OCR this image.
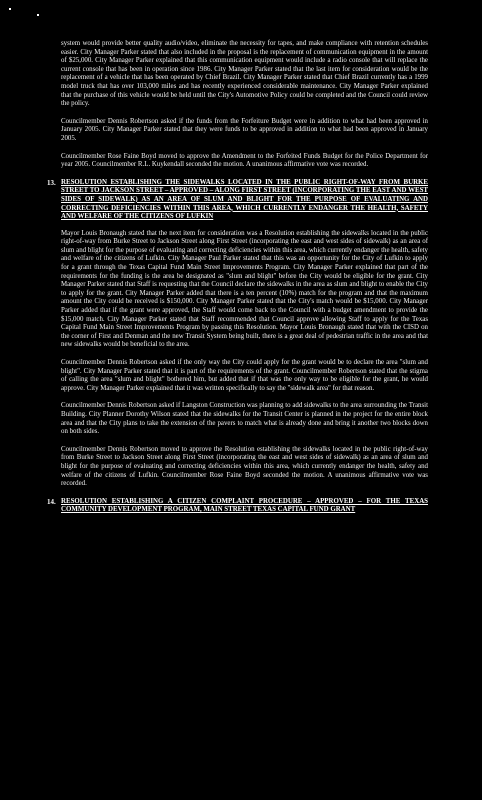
system would provide better quality audio/video, eliminate the necessity for tapes, and make compliance with retention schedules easier. City Manager Parker stated that also included in the proposal is the replacement of communication equipment in the amount of $25,000. City Manager Parker explained that this communication equipment would include a radio console that will replace the current console that has been in operation since 1986. City Manager Parker stated that the last item for consideration would be the replacement of a vehicle that has been operated by Chief Brazil. City Manager Parker stated that Chief Brazil currently has a 1999 model truck that has over 103,000 miles and has recently experienced considerable maintenance. City Manager Parker explained that the purchase of this vehicle would be held until the City's Automotive Policy could be completed and the Council could review the policy.

Councilmember Dennis Robertson asked if the funds from the Forfeiture Budget were in addition to what had been approved in January 2005. City Manager Parker stated that they were funds to be approved in addition to what had been approved in January 2005.

Councilmember Rose Faine Boyd moved to approve the Amendment to the Forfeited Funds Budget for the Police Department for year 2005. Councilmember R.L. Kuykendall seconded the motion. A unanimous affirmative vote was recorded.

13. RESOLUTION ESTABLISHING THE SIDEWALKS LOCATED IN THE PUBLIC RIGHT-OF-WAY FROM BURKE STREET TO JACKSON STREET – APPROVED – ALONG FIRST STREET (INCORPORATING THE EAST AND WEST SIDES OF SIDEWALK) AS AN AREA OF SLUM AND BLIGHT FOR THE PURPOSE OF EVALUATING AND CORRECTING DEFICIENCIES WITHIN THIS AREA, WHICH CURRENTLY ENDANGER THE HEALTH, SAFETY AND WELFARE OF THE CITIZENS OF LUFKIN

Mayor Louis Bronaugh stated that the next item for consideration was a Resolution establishing the sidewalks located in the public right-of-way from Burke Street to Jackson Street along First Street (incorporating the east and west sides of sidewalk) as an area of slum and blight for the purpose of evaluating and correcting deficiencies within this area, which currently endanger the health, safety and welfare of the citizens of Lufkin. City Manager Paul Parker stated that this was an opportunity for the City of Lufkin to apply for a grant through the Texas Capital Fund Main Street Improvements Program. City Manager Parker explained that part of the requirements for the funding is the area be designated as "slum and blight" before the City would be eligible for the grant. City Manager Parker stated that Staff is requesting that the Council declare the sidewalks in the area as slum and blight to enable the City to apply for the grant. City Manager Parker added that there is a ten percent (10%) match for the program and that the maximum amount the City could be received is $150,000. City Manager Parker stated that the City's match would be $15,000. City Manager Parker added that if the grant were approved, the Staff would come back to the Council with a budget amendment to provide the $15,000 match. City Manager Parker stated that Staff recommended that Council approve allowing Staff to apply for the Texas Capital Fund Main Street Improvements Program by passing this Resolution. Mayor Louis Bronaugh stated that with the CISD on the corner of First and Denman and the new Transit System being built, there is a great deal of pedestrian traffic in the area and that new sidewalks would be beneficial to the area.

Councilmember Dennis Robertson asked if the only way the City could apply for the grant would be to declare the area "slum and blight". City Manager Parker stated that it is part of the requirements of the grant. Councilmember Robertson stated that the stigma of calling the area "slum and blight" bothered him, but added that if that was the only way to be eligible for the grant, he would approve. City Manager Parker explained that it was written specifically to say the "sidewalk area" for that reason.

Councilmember Dennis Robertson asked if Langston Construction was planning to add sidewalks to the area surrounding the Transit Building. City Planner Dorothy Wilson stated that the sidewalks for the Transit Center is planned in the project for the entire block area and that the City plans to take the extension of the pavers to match what is already done and bring it another two blocks down on both sides.

Councilmember Dennis Robertson moved to approve the Resolution establishing the sidewalks located in the public right-of-way from Burke Street to Jackson Street along First Street (incorporating the east and west sides of sidewalk) as an area of slum and blight for the purpose of evaluating and correcting deficiencies within this area, which currently endanger the health, safety and welfare of the citizens of Lufkin. Councilmember Rose Faine Boyd seconded the motion. A unanimous affirmative vote was recorded.

14. RESOLUTION ESTABLISHING A CITIZEN COMPLAINT PROCEDURE – APPROVED – FOR THE TEXAS COMMUNITY DEVELOPMENT PROGRAM, MAIN STREET TEXAS CAPITAL FUND GRANT
